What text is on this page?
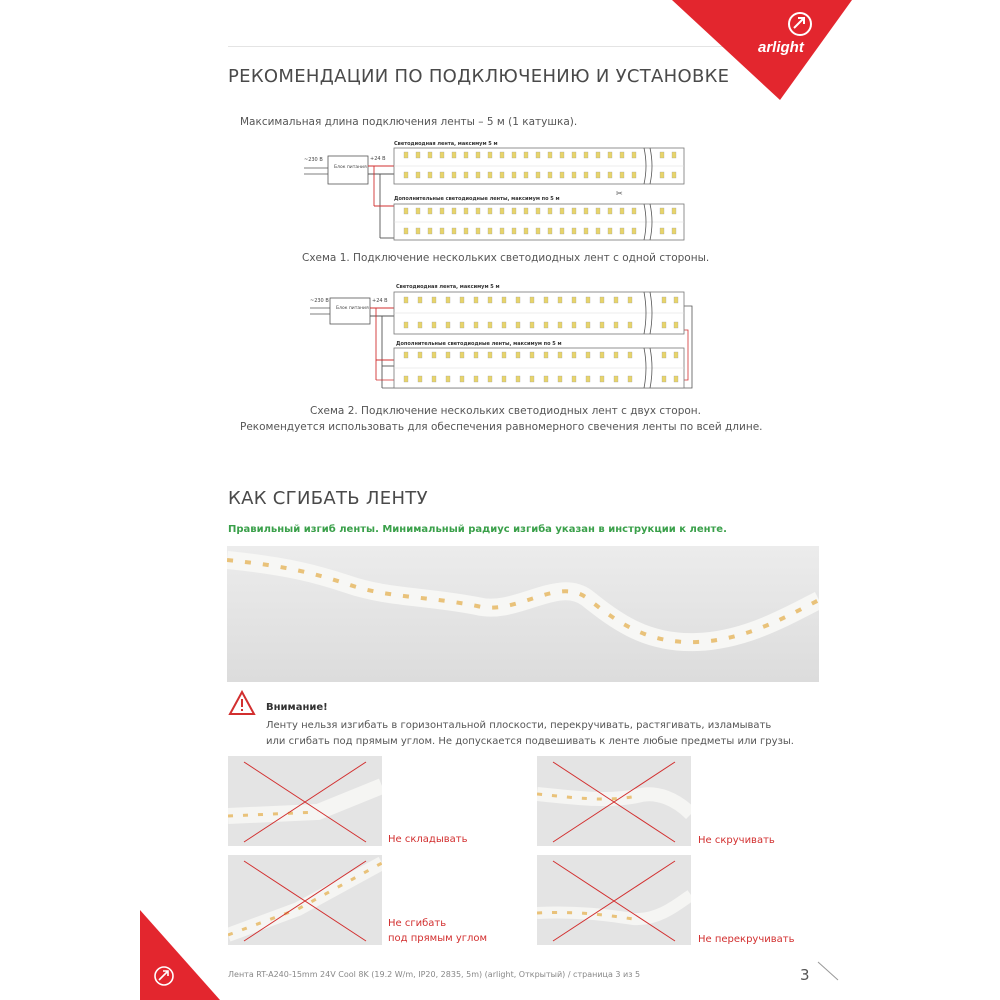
arlight
РЕКОМЕНДАЦИИ ПО ПОДКЛЮЧЕНИЮ И УСТАНОВКЕ
Максимальная длина подключения ленты – 5 м (1 катушка).
~230 В
Блок питания
+24 В
Светодиодная лента, максимум 5 м
Дополнительные светодиодные ленты, максимум по 5 м
✂
Схема 1. Подключение нескольких светодиодных лент с одной стороны.
~230 В
Блок питания
+24 В
Светодиодная лента, максимум 5 м
Дополнительные светодиодные ленты, максимум по 5 м
Схема 2. Подключение нескольких светодиодных лент с двух сторон.
Рекомендуется использовать для обеспечения равномерного свечения ленты по всей длине.
КАК СГИБАТЬ ЛЕНТУ
Правильный изгиб ленты. Минимальный радиус изгиба указан в инструкции к ленте.
Внимание!
Ленту нельзя изгибать в горизонтальной плоскости, перекручивать, растягивать, изламывать
или сгибать под прямым углом. Не допускается подвешивать к ленте любые предметы или грузы.
Не складывать	Не скручивать
Не сгибать
под прямым углом	Не перекручивать
Лента RT-A240-15mm 24V Cool 8K (19.2 W/m, IP20, 2835, 5m) (arlight, Открытый) / страница 3 из 5	3
